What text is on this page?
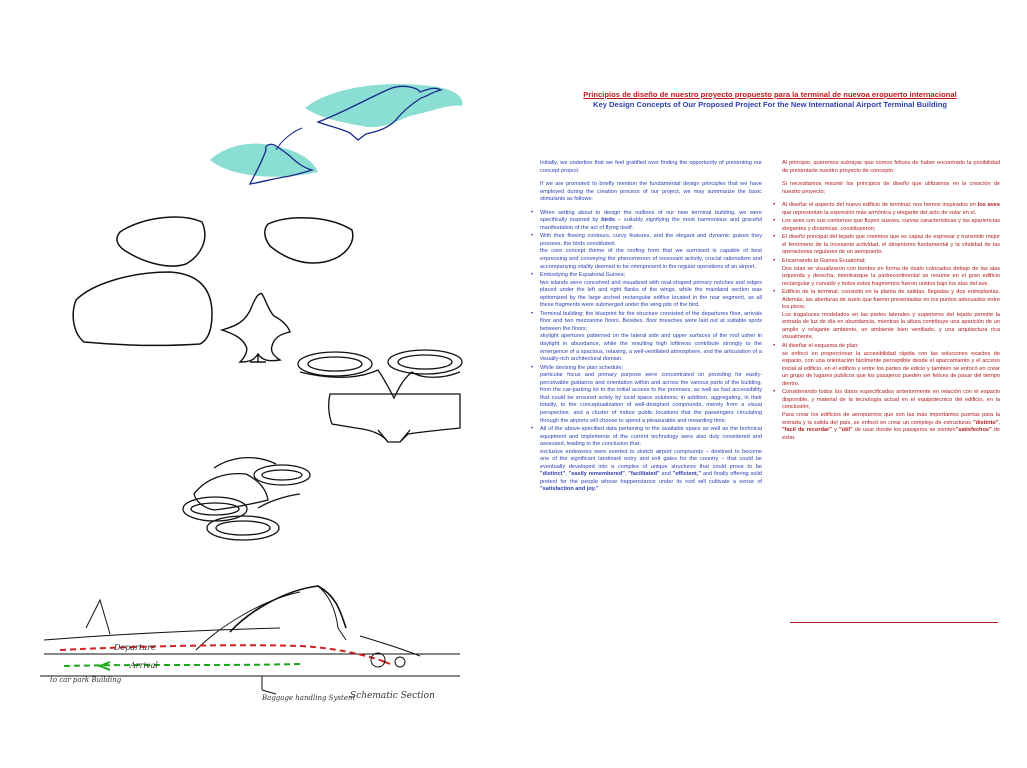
Departure
Arrival
to car park Building
Baggage handling System
Schematic Section
Principios de diseño de nuestro proyecto propuesto para la terminal de nuevoa eropuerto internacional
Key Design Concepts of Our Proposed Project For the New International Airport Terminal Building

Initially, we underline that we feel gratified over finding the opportunity of presenting our concept project.

If we are promoted to briefly mention the fundamental design principles that we have employed during the creation process of our project, we may summarize the basic stimulants as follows:

• When setting about to design the outlines of our new terminal building, we were specifically inspired by birds – suitably signifying the most harmonious and graceful manifestation of the act of flying itself.
• With their flowing contours, curvy features, and the elegant and dynamic guises they possess, the birds constituted;
the core concept theme of the roofing form that we surmised is capable of best expressing and conveying the phenomenon of incessant activity, crucial rationalism and accompanying vitality deemed to be omnipresent in the regular operations of an airport.
• Embodying the Equatorial Guinea;
two islands were conceived and visualized with oval-shaped primary notches and edges placed under the left and right flanks of the wings, while the mainland section was epitomized by the large arched rectangular edifice located in the rear segment, as all these fragments were submerged under the wing pits of the bird.
• Terminal building; the blueprint for the structure consisted of the departures floor, arrivals floor and two mezzanine floors. Besides, floor breaches were laid out at suitable spots between the floors;
skylight apertures patterned on the lateral side and upper surfaces of the roof usher in daylight in abundance, while the resulting high loftiness contribute strongly to the emergence of a spacious, relaxing, a well-ventilated atmosphere, and the articulation of a visually-rich architectural domain.
• While devising the plan schedule;
particular focus and primary purpose were concentrated on providing for easily-perceivable guidance and orientation within and across the various parts of the building, from the car-parking lot to the initial access to the premises, as well as fast accessibility that could be ensured solely by lucid space solutions; in addition, aggregating, in their totality, to the conceptualization of well-designed compounds, merely from a visual perspective, and a cluster of indoor public locations that the passengers circulating through the airports will choose to spend a pleasurable and rewarding time.
• All of the above-specified data pertaining to the available space as well as the technical equipment and implements of the current technology were also duly considered and assessed, leading to the conclusion that;
exclusive endeavors were exerted to sketch airport compounds – destined to become one of the significant landmark entry and exit gates for the country – that could be eventually developed into a complex of unique structures that could prove to be "distinct", "easily remembered", "facilitated" and "efficient," and finally offering solid pretext for the people whose happenstance under its roof will cultivate a sense of "satisfaction and joy."

Al principio, queremos subrayar que somos felices de haber encontrado la posibilidad de presentarle nuestro proyecto de concepto

Si necesitamos resumir los principios de diseño que utilizamos en la creación de nuestro proyecto;

• Al diseñar el aspecto del nuevo edificio de terminal; nos hemos inspirados en los aves que representan la expresión más armónica y elegante del acto de volar en sí.
• Los aves con sus contornos que fluyen suaves, curvas características y las apariencias elegantes y dinámicas, constituyeron;
• El diseño principal del tejado que creemos que es capaz de expresar y transmitir mejor el fenómeno de la incesante actividad, el dinamismo fundamental y la vitalidad de las operaciones regulares de un aeropuerto.
• Encarnando la Guinea Ecuatorial;
Dos islas se visualizaron con bordes en forma de óvalo colocados debajo de las alas izquierda y derecha, mientrasque la parbecontinental se resume en el gran edificio rectangular y curvado y todos estos fragmentos fueron unidos bajo los alas del ave.
• Edificio de la terminal; consistió en la planta de salidas, llegadas y dos entreplantas. Además, las aberturas de suelo que fueron presentadas en los puntos adecuados entre los pisos;
Los tragaluces modelados en las partes laterales y superiores del tejado permite la entrada de luz de día en abundancia, mientras la altura contribuye una aparición de un amplio y relajante ambiente, un ambiente bien ventilado, y una arquitectura rica visualmente.
• Al diseñar el esquema de plan;
se enfocó en proporcionar la accesibilidad rápida con las soluciones exactos de espacio, con una orientación fácilmente perceptible desde el aparcamiento y el acceso inicial al edificio, en el edificio y entre los partes de edicio y también se enfocó en crear un grupo de lugares publicos que los pasajeros pueden ser felices de pasar del tiempo dentro.
• Considerando todos los datos especificados anteriormente en relación con el espacio disponible, y material de la tecnología actual en el equipotécnico del edificio, en la conclusión;
Para crear los edificios de aeropuertos que son las más importantes puertas para la entrada y la salida del país, se enfocó en crear un complejo de estructuras "distinto", "facil de recordar" y "útil" de usar donde los pasajeros se sienten"satisfechos" de estar.
